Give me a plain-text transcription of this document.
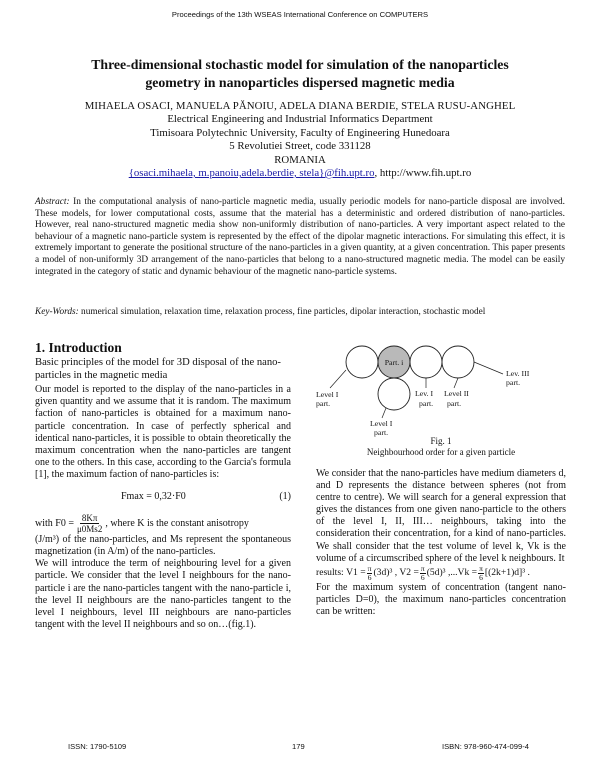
Proceedings of the 13th WSEAS International Conference on COMPUTERS
Three-dimensional stochastic model for simulation of the nanoparticles
geometry in nanoparticles dispersed magnetic media
MIHAELA OSACI, MANUELA PĂNOIU, ADELA DIANA BERDIE, STELA RUSU-ANGHEL
Electrical Engineering and Industrial Informatics Department
Timisoara Polytechnic University, Faculty of Engineering Hunedoara
5 Revolutiei Street, code 331128
ROMANIA
{osaci.mihaela, m.panoiu,adela.berdie, stela}@fih.upt.ro, http://www.fih.upt.ro
Abstract: In the computational analysis of nano-particle magnetic media, usually periodic models for nano-particle disposal are involved. These models, for lower computational costs, assume that the material has a deterministic and ordered distribution of nano-particles. However, real nano-structured magnetic media show non-uniformly distribution of nano-particles. A very important aspect related to the behaviour of a magnetic nano-particle system is represented by the effect of the dipolar magnetic interactions. For simulating this effect, it is extremely important to generate the positional structure of the nano-particles in a given quantity, at a given concentration. This paper presents a model of non-uniformly 3D arrangement of the nano-particles that belong to a nano-structured magnetic media. The model can be easily integrated in the category of static and dynamic behaviour of the magnetic nano-particle systems.
Key-Words: numerical simulation, relaxation time, relaxation process, fine particles, dipolar interaction, stochastic model
1. Introduction

Basic principles of the model for 3D disposal of the nano-particles in the magnetic media

Our model is reported to the display of the nano-particles in a given quantity and we assume that it is random. The maximum faction of nano-particles is obtained for a maximum nano-particle concentration. In case of perfectly spherical and identical nano-particles, it is possible to obtain theoretically the maximum concentration when the nano-particles are tangent one to the others. In this case, according to the Garcia's formula [1], the maximum faction of nano-particles is:

Fmax = 0,32·F0	(1)
with $F0 = \frac{8K\pi}{\mu 0Ms2}$ , where K is the constant anisotropy

(J/m³) of the nano-particles, and Ms represent the spontaneous magnetization (in A/m) of the nano-particles.

We will introduce the term of neighbouring level for a given particle. We consider that the level I neighbours for the nano-particle i are the nano-particles tangent with the nano-particle i, the level II neighbours are the nano-particles tangent to the level I neighbours, level III neighbours are nano-particles tangent with the level II neighbours and so on…(fig.1).

Part. i
Lev. III
part.
Level I
part.
Lev. I
part.
Level II
part.
Level I
part.
Fig. 1
Neighbourhood order for a given particle

We consider that the nano-particles have medium diameters d, and D represents the distance between spheres (not from centre to centre). We will search for a general expression that gives the distances from one given nano-particle to the others of the level I, II, III… neighbours, taking into the consideration their concentration, for a kind of nano-particles. We shall consider that the test volume of level k, Vk is the volume of a circumscribed sphere of the level k neighbours. It

results:
$V1 = \frac{\pi}{6} (3d)^3$ , $V2 = \frac{\pi}{6} (5d)^3$ $,...Vk = \frac{\pi}{6} [(2k+1)d]^3$ .

For the maximum system of concentration (tangent nano-particles D=0), the maximum nano-particles concentration can be written:

ISSN: 1790-5109	179	ISBN: 978-960-474-099-4
